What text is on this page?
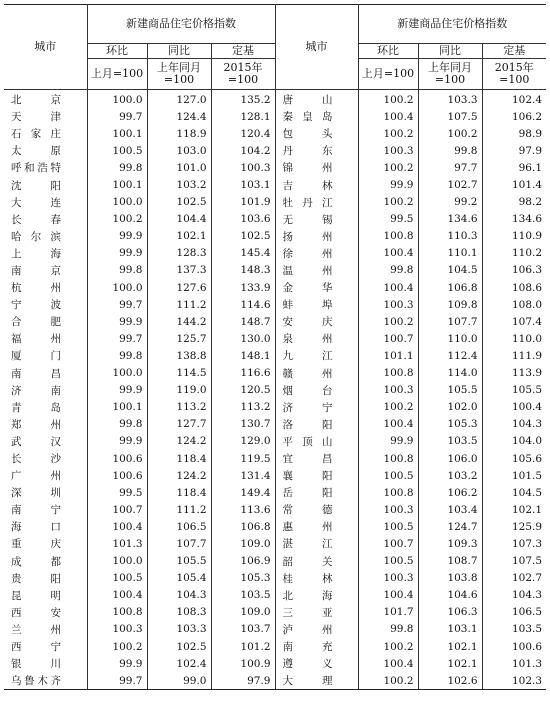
城市	新建商品住宅价格指数			城市	新建商品住宅价格指数		
	环比	同比	定基		环比	同比	定基
	上月=100	上年同月=100	2015年=100		上月=100	上年同月=100	2015年=100

北京	100.0	127.0	135.2	唐山	100.2	103.3	102.4

天津	99.7	124.4	128.1	秦皇岛	100.4	107.5	106.2

石家庄	100.1	118.9	120.4	包头	100.2	100.2	98.9

太原	100.5	103.0	104.2	丹东	100.3	99.8	97.9

呼和浩特	99.8	101.0	100.3	锦州	100.2	97.7	96.1

沈阳	100.1	103.2	103.1	吉林	99.9	102.7	101.4

大连	100.0	102.5	101.9	牡丹江	100.2	99.2	98.2

长春	100.2	104.4	103.6	无锡	99.5	134.6	134.6

哈尔滨	99.9	102.1	102.5	扬州	100.8	110.3	110.9

上海	99.9	128.3	145.4	徐州	100.4	110.1	110.2

南京	99.8	137.3	148.3	温州	99.8	104.5	106.3

杭州	100.0	127.6	133.9	金华	100.4	106.8	108.6

宁波	99.7	111.2	114.6	蚌埠	100.3	109.8	108.0

合肥	99.9	144.2	148.7	安庆	100.2	107.7	107.4

福州	99.7	125.7	130.0	泉州	100.7	110.0	110.0

厦门	99.8	138.8	148.1	九江	101.1	112.4	111.9

南昌	100.0	114.5	116.6	赣州	100.8	114.0	113.9

济南	99.9	119.0	120.5	烟台	100.3	105.5	105.5

青岛	100.1	113.2	113.2	济宁	100.2	102.0	100.4

郑州	99.8	127.7	130.7	洛阳	100.4	105.3	104.3

武汉	99.9	124.2	129.0	平顶山	99.9	103.5	104.0

长沙	100.6	118.4	119.5	宜昌	100.8	106.0	105.6

广州	100.6	124.2	131.4	襄阳	100.5	103.2	101.5

深圳	99.5	118.4	149.4	岳阳	100.8	106.2	104.5

南宁	100.7	111.2	113.6	常德	100.3	103.4	102.1

海口	100.4	106.5	106.8	惠州	100.5	124.7	125.9

重庆	101.3	107.7	109.0	湛江	100.7	109.3	107.3

成都	100.0	105.5	106.9	韶关	100.5	108.7	107.5

贵阳	100.5	105.4	105.3	桂林	100.3	103.8	102.7

昆明	100.4	104.3	103.5	北海	100.4	104.6	104.3

西安	100.8	108.3	109.0	三亚	101.7	106.3	106.5

兰州	100.3	103.3	103.7	泸州	99.8	103.1	103.5

西宁	100.2	102.5	101.2	南充	100.2	102.1	100.6

银川	99.9	102.4	100.9	遵义	100.4	102.1	101.3

乌鲁木齐	99.7	99.0	97.9	大理	100.2	102.6	102.3
